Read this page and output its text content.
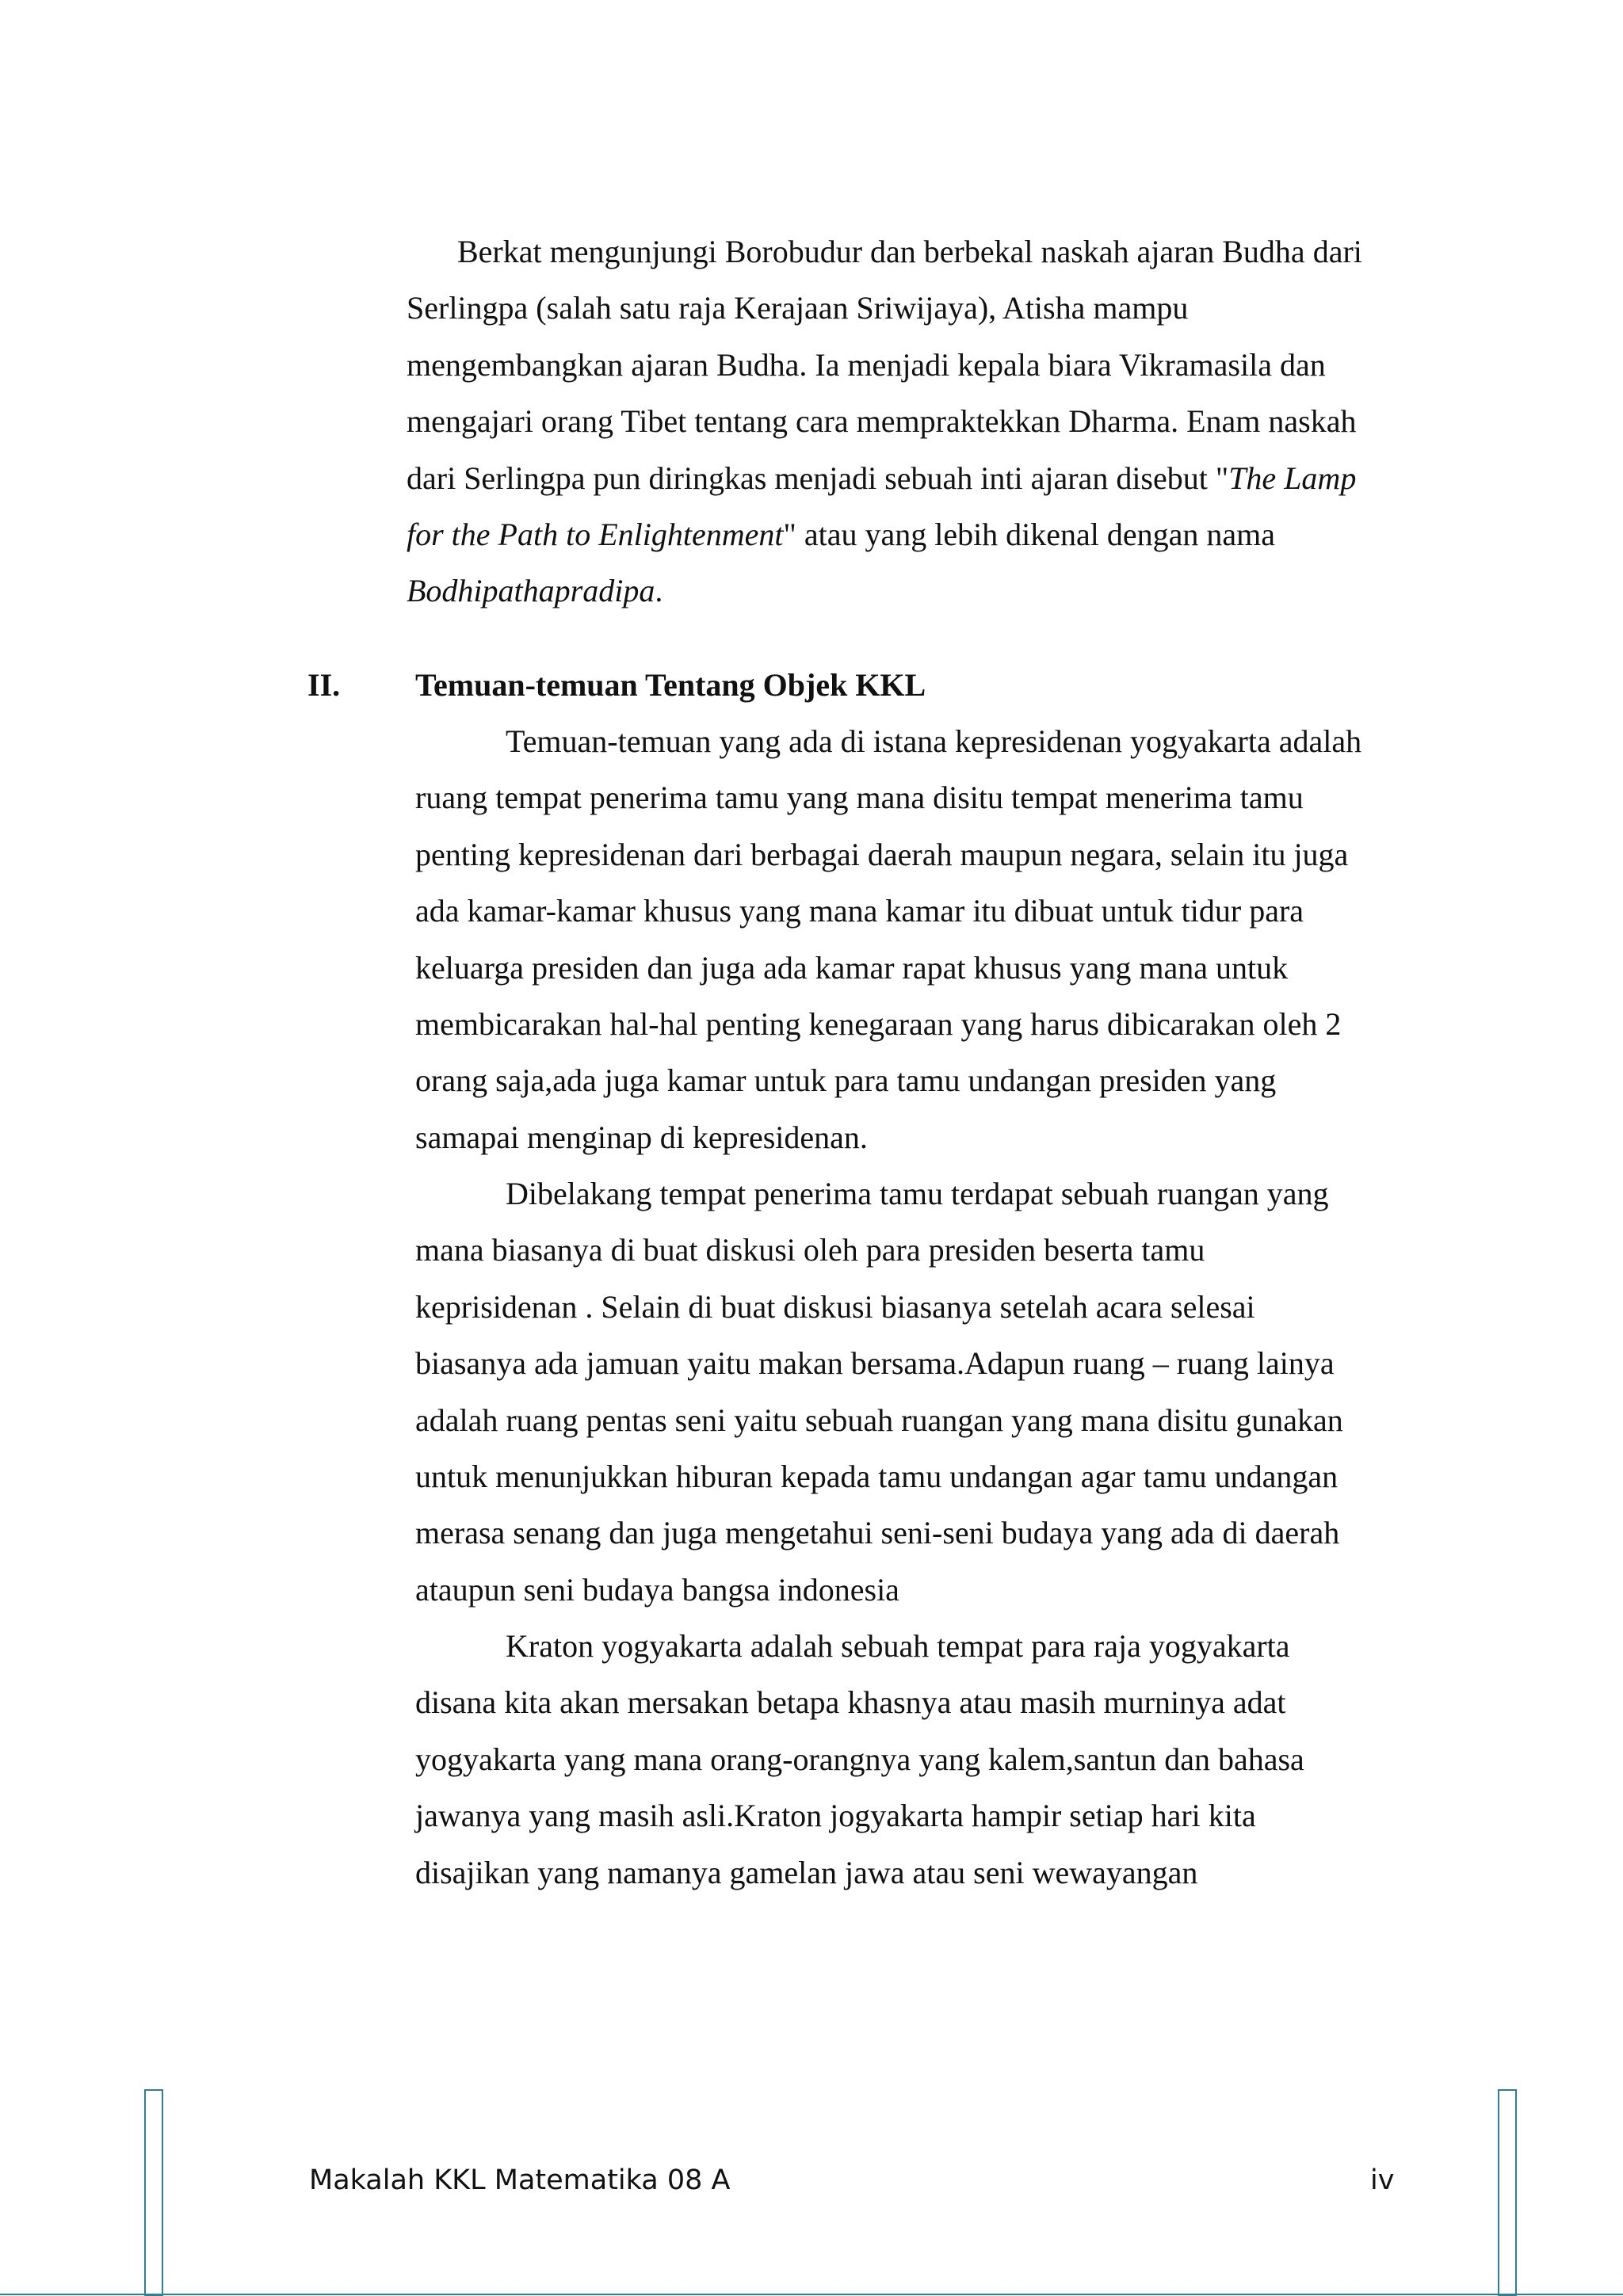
Berkat mengunjungi Borobudur dan berbekal naskah ajaran Budha dari
Serlingpa (salah satu raja Kerajaan Sriwijaya), Atisha mampu
mengembangkan ajaran Budha. Ia menjadi kepala biara Vikramasila dan
mengajari orang Tibet tentang cara mempraktekkan Dharma. Enam naskah
dari Serlingpa pun diringkas menjadi sebuah inti ajaran disebut "The Lamp
for the Path to Enlightenment" atau yang lebih dikenal dengan nama
Bodhipathapradipa.
II. Temuan-temuan Tentang Objek KKL
Temuan-temuan yang ada di istana kepresidenan yogyakarta adalah
ruang tempat penerima tamu yang mana disitu tempat menerima tamu
penting kepresidenan dari berbagai daerah maupun negara, selain itu juga
ada kamar-kamar khusus yang mana kamar itu dibuat untuk tidur para
keluarga presiden dan juga ada kamar rapat khusus yang mana untuk
membicarakan hal-hal penting kenegaraan yang harus dibicarakan oleh 2
orang saja,ada juga kamar untuk para tamu undangan presiden yang
samapai menginap di kepresidenan.
Dibelakang tempat penerima tamu terdapat sebuah ruangan yang
mana biasanya di buat diskusi oleh para presiden beserta tamu
keprisidenan . Selain di buat diskusi biasanya setelah acara selesai
biasanya ada jamuan yaitu makan bersama.Adapun ruang – ruang lainya
adalah ruang pentas seni yaitu sebuah ruangan yang mana disitu gunakan
untuk menunjukkan hiburan kepada tamu undangan agar tamu undangan
merasa senang dan juga mengetahui seni-seni budaya yang ada di daerah
ataupun seni budaya bangsa indonesia
Kraton yogyakarta adalah sebuah tempat para raja yogyakarta
disana kita akan mersakan betapa khasnya atau masih murninya adat
yogyakarta yang mana orang-orangnya yang kalem,santun dan bahasa
jawanya yang masih asli.Kraton jogyakarta hampir setiap hari kita
disajikan yang namanya gamelan jawa atau seni wewayangan
Makalah KKL Matematika 08 A	iv
